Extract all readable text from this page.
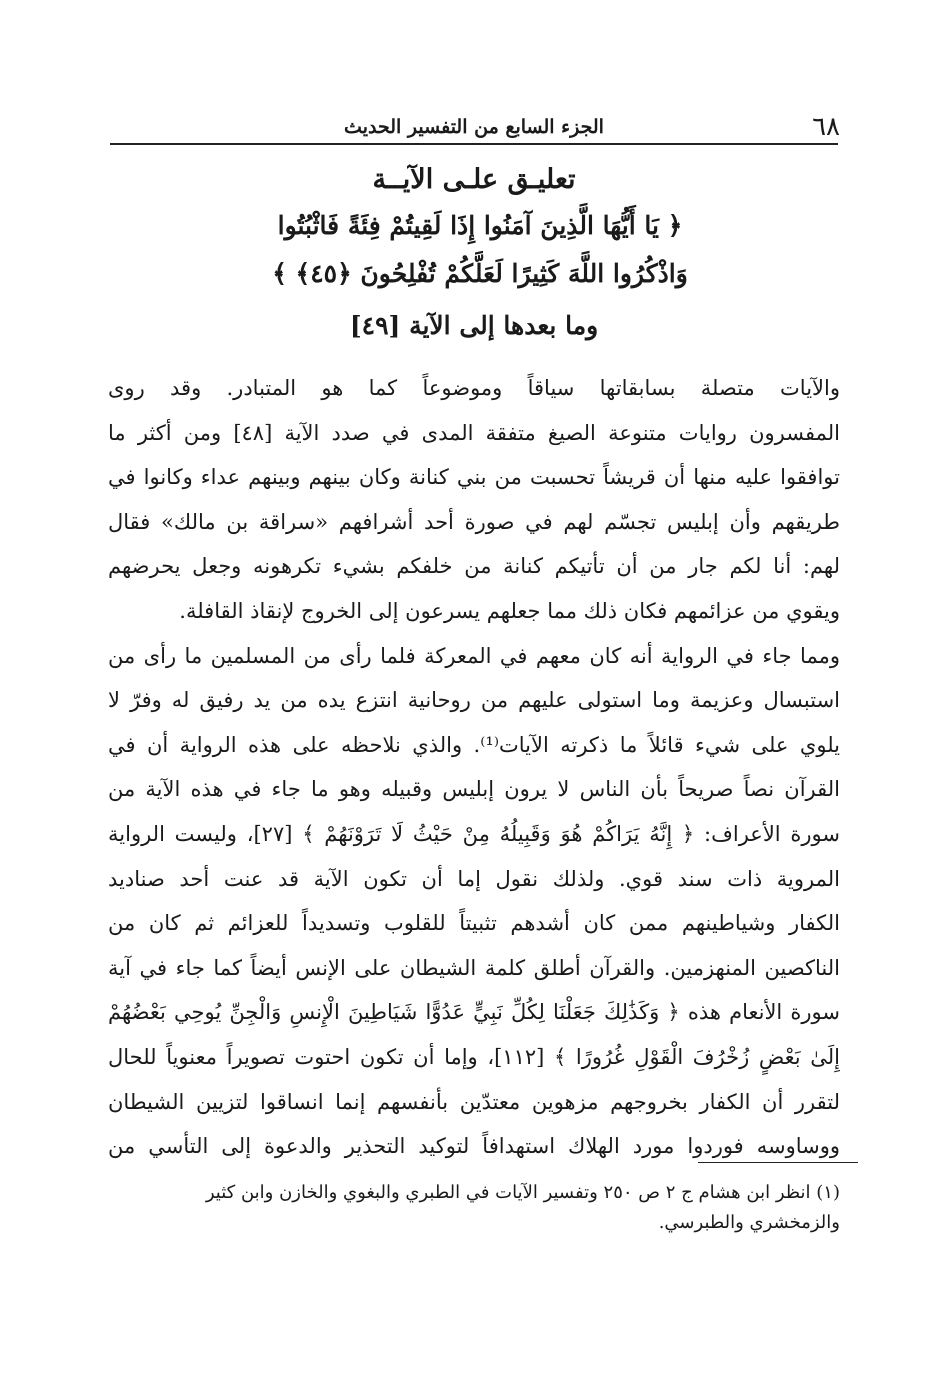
٦٨
الجزء السابع من التفسير الحديث
تعليـق علـى الآيــة
﴿ يَا أَيُّهَا الَّذِينَ آمَنُوا إِذَا لَقِيتُمْ فِئَةً فَاثْبُتُوا
وَاذْكُرُوا اللَّهَ كَثِيرًا لَعَلَّكُمْ تُفْلِحُونَ ﴿٤٥﴾ ﴾
وما بعدها إلى الآية [٤٩]
والآيات متصلة بسابقاتها سياقاً وموضوعاً كما هو المتبادر. وقد روى
المفسرون روايات متنوعة الصيغ متفقة المدى في صدد الآية [٤٨] ومن أكثر ما
توافقوا عليه منها أن قريشاً تحسبت من بني كنانة وكان بينهم وبينهم عداء وكانوا في
طريقهم وأن إبليس تجسّم لهم في صورة أحد أشرافهم «سراقة بن مالك» فقال
لهم: أنا لكم جار من أن تأتيكم كنانة من خلفكم بشيء تكرهونه وجعل يحرضهم
ويقوي من عزائمهم فكان ذلك مما جعلهم يسرعون إلى الخروج لإنقاذ القافلة.
ومما جاء في الرواية أنه كان معهم في المعركة فلما رأى من المسلمين ما رأى من
استبسال وعزيمة وما استولى عليهم من روحانية انتزع يده من يد رفيق له وفرّ لا
يلوي على شيء قائلاً ما ذكرته الآيات⁽¹⁾. والذي نلاحظه على هذه الرواية أن في
القرآن نصاً صريحاً بأن الناس لا يرون إبليس وقبيله وهو ما جاء في هذه الآية من
سورة الأعراف: ﴿ إِنَّهُ يَرَاكُمْ هُوَ وَقَبِيلُهُ مِنْ حَيْثُ لَا تَرَوْنَهُمْ ﴾ [٢٧]، وليست الرواية
المروية ذات سند قوي. ولذلك نقول إما أن تكون الآية قد عنت أحد صناديد
الكفار وشياطينهم ممن كان أشدهم تثبيتاً للقلوب وتسديداً للعزائم ثم كان من
الناكصين المنهزمين. والقرآن أطلق كلمة الشيطان على الإنس أيضاً كما جاء في آية
سورة الأنعام هذه ﴿ وَكَذَٰلِكَ جَعَلْنَا لِكُلِّ نَبِيٍّ عَدُوًّا شَيَاطِينَ الْإِنسِ وَالْجِنِّ يُوحِي بَعْضُهُمْ
إِلَىٰ بَعْضٍ زُخْرُفَ الْقَوْلِ غُرُورًا ﴾ [١١٢]، وإما أن تكون احتوت تصويراً معنوياً للحال
لتقرر أن الكفار بخروجهم مزهوين معتدّين بأنفسهم إنما انساقوا لتزيين الشيطان
ووساوسه فوردوا مورد الهلاك استهدافاً لتوكيد التحذير والدعوة إلى التأسي من
(١) انظر ابن هشام ج ٢ ص ٢٥٠ وتفسير الآيات في الطبري والبغوي والخازن وابن كثير
والزمخشري والطبرسي.
